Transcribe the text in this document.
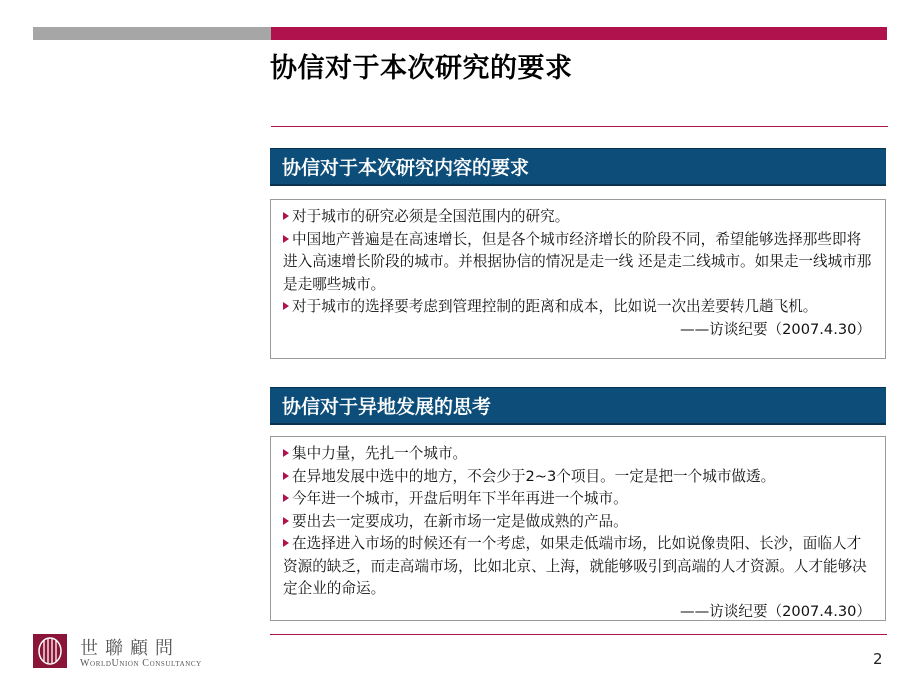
协信对于本次研究的要求
协信对于本次研究内容的要求

对于城市的研究必须是全国范围内的研究。

中国地产普遍是在高速增长，但是各个城市经济增长的阶段不同，希望能够选择那些即将进入高速增长阶段的城市。并根据协信的情况是走一线 还是走二线城市。如果走一线城市那是走哪些城市。

对于城市的选择要考虑到管理控制的距离和成本，比如说一次出差要转几趟飞机。

——访谈纪要（2007.4.30）
协信对于异地发展的思考

集中力量，先扎一个城市。

在异地发展中选中的地方，不会少于2~3个项目。一定是把一个城市做透。

今年进一个城市，开盘后明年下半年再进一个城市。

要出去一定要成功，在新市场一定是做成熟的产品。

在选择进入市场的时候还有一个考虑，如果走低端市场，比如说像贵阳、长沙，面临人才资源的缺乏，而走高端市场，比如北京、上海，就能够吸引到高端的人才资源。人才能够决定企业的命运。

——访谈纪要（2007.4.30）
世聯顧問
WorldUnion Consultancy	2
